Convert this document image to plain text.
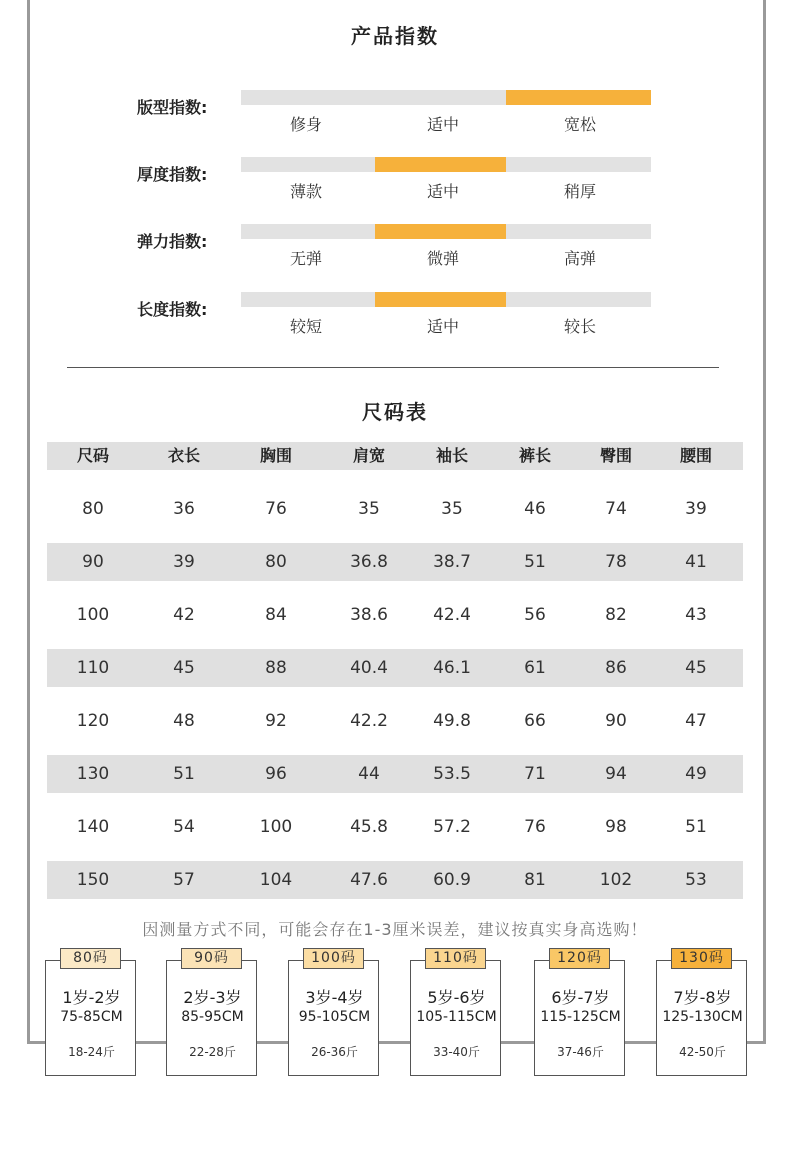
产品指数
版型指数:
修身	适中	宽松
厚度指数:
薄款	适中	稍厚
弹力指数:
无弹	微弹	高弹
长度指数:
较短	适中	较长
尺码表
尺码	衣长	胸围	肩宽	袖长	裤长	臀围	腰围
80	36	76	35	35	46	74	39
90	39	80	36.8	38.7	51	78	41
100	42	84	38.6	42.4	56	82	43
110	45	88	40.4	46.1	61	86	45
120	48	92	42.2	49.8	66	90	47
130	51	96	44	53.5	71	94	49
140	54	100	45.8	57.2	76	98	51
150	57	104	47.6	60.9	81	102	53
因测量方式不同，可能会存在1-3厘米误差，建议按真实身高选购！
1岁-2岁
75-85CM
18-24斤
80码
2岁-3岁
85-95CM
22-28斤
90码
3岁-4岁
95-105CM
26-36斤
100码
5岁-6岁
105-115CM
33-40斤
110码
6岁-7岁
115-125CM
37-46斤
120码
7岁-8岁
125-130CM
42-50斤
130码
